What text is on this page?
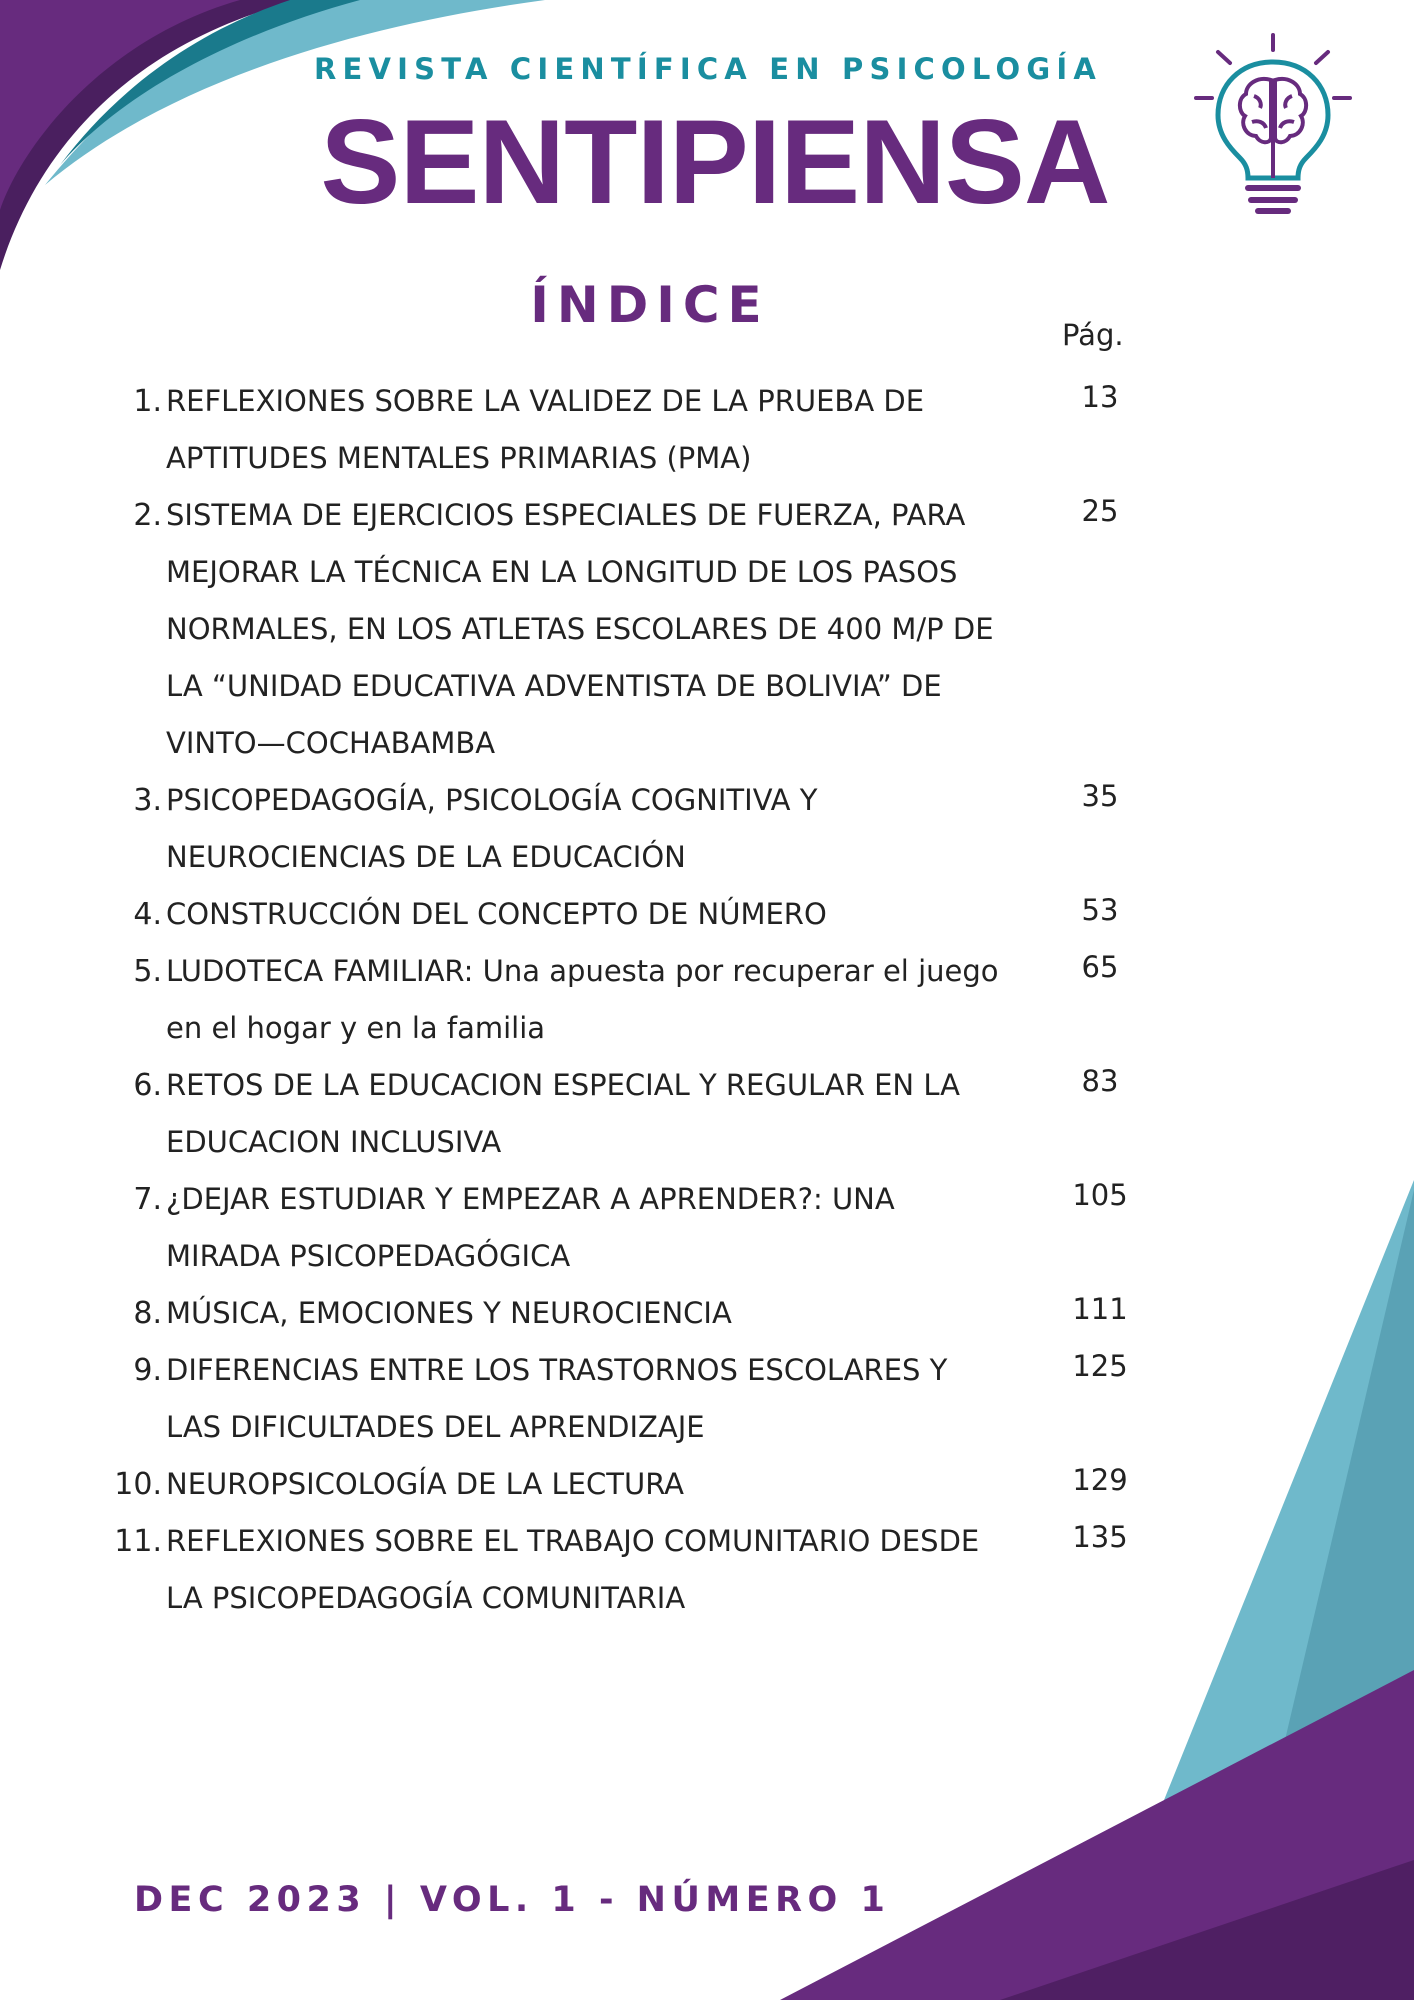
REVISTA CIENTÍFICA EN PSICOLOGÍA
SENTIPIENSA
ÍNDICE
Pág.
1. REFLEXIONES SOBRE LA VALIDEZ DE LA PRUEBA DE APTITUDES MENTALES PRIMARIAS (PMA)
13
2. SISTEMA DE EJERCICIOS ESPECIALES DE FUERZA, PARA MEJORAR LA TÉCNICA EN LA LONGITUD DE LOS PASOS NORMALES, EN LOS ATLETAS ESCOLARES DE 400 M/P DE LA “UNIDAD EDUCATIVA ADVENTISTA DE BOLIVIA” DE VINTO—COCHABAMBA
25
3. PSICOPEDAGOGÍA, PSICOLOGÍA COGNITIVA Y NEUROCIENCIAS DE LA EDUCACIÓN
35
4. CONSTRUCCIÓN DEL CONCEPTO DE NÚMERO	53
5. LUDOTECA FAMILIAR: Una apuesta por recuperar el juego en el hogar y en la familia
65
6. RETOS DE LA EDUCACION ESPECIAL Y REGULAR EN LA EDUCACION INCLUSIVA
83
7. ¿DEJAR ESTUDIAR Y EMPEZAR A APRENDER?: UNA MIRADA PSICOPEDAGÓGICA
105
8. MÚSICA, EMOCIONES Y NEUROCIENCIA	111
9. DIFERENCIAS ENTRE LOS TRASTORNOS ESCOLARES Y LAS DIFICULTADES DEL APRENDIZAJE
125
10. NEUROPSICOLOGÍA DE LA LECTURA	129
11. REFLEXIONES SOBRE EL TRABAJO COMUNITARIO DESDE LA PSICOPEDAGOGÍA COMUNITARIA
135
DEC 2023 | VOL. 1 - NÚMERO 1
